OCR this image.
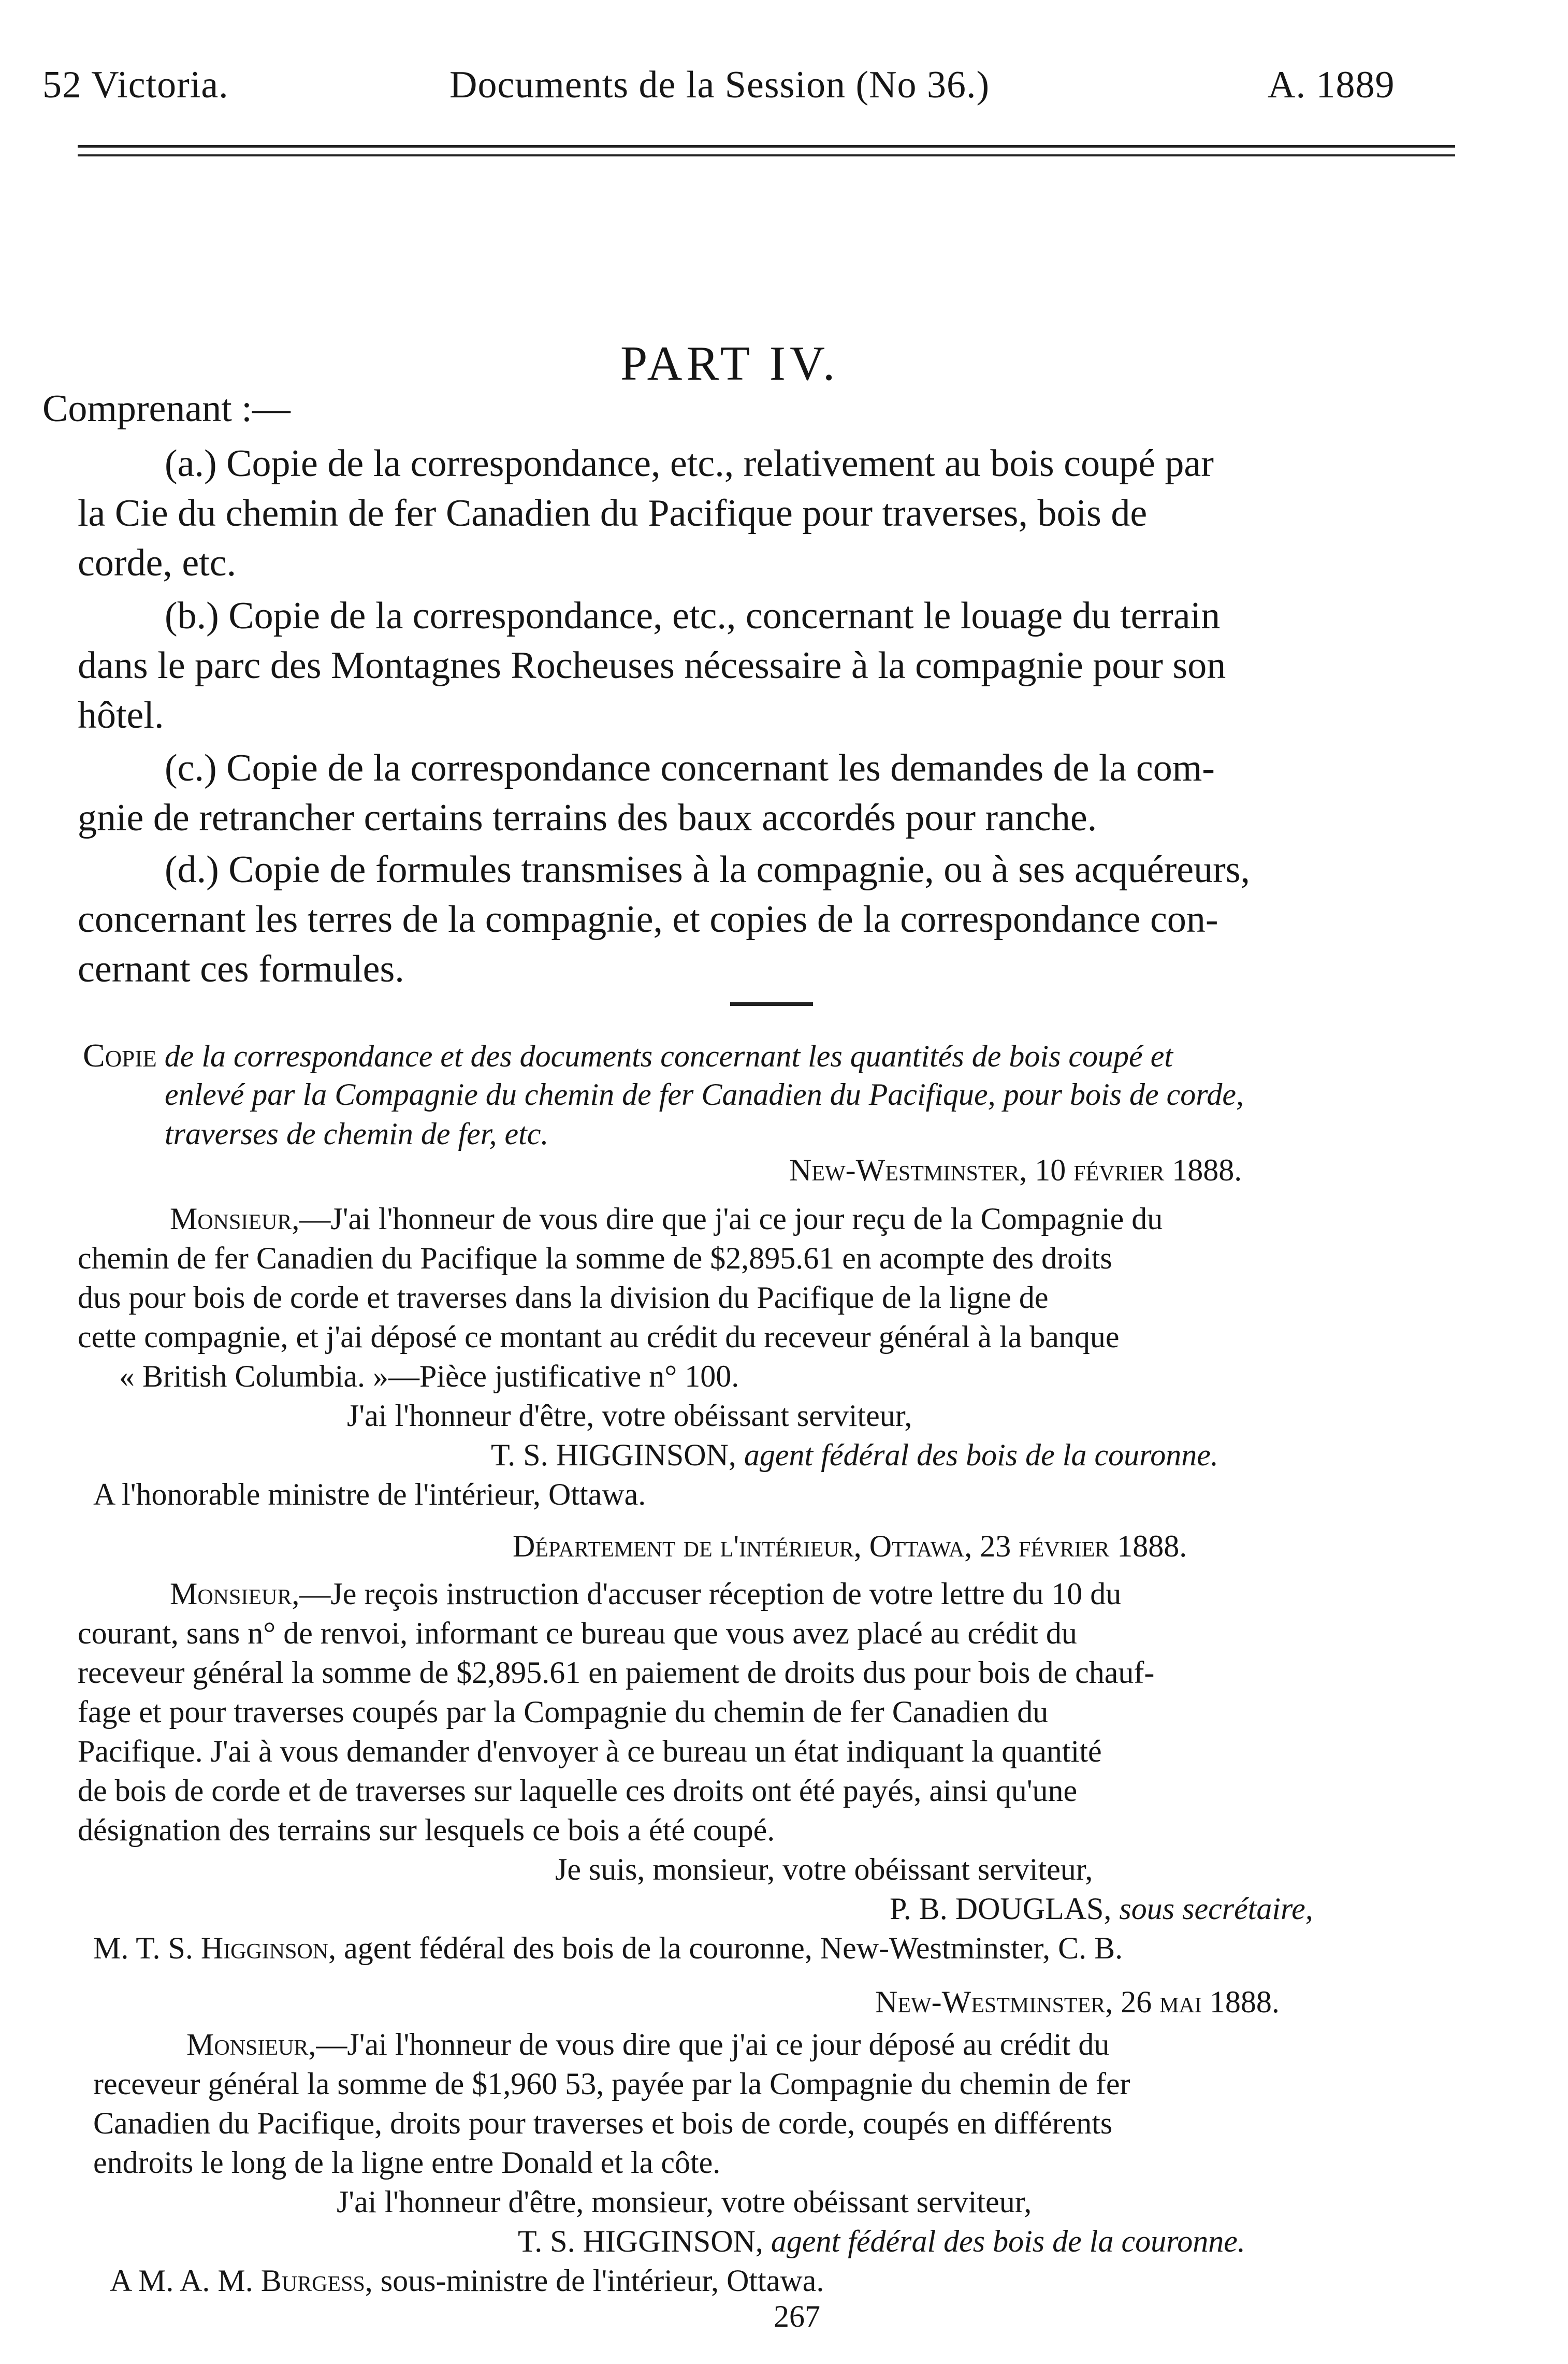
52 Victoria.	Documents de la Session (No 36.)	A. 1889
PART IV.
Comprenant :—
(a.) Copie de la correspondance, etc., relativement au bois coupé par
la Cie du chemin de fer Canadien du Pacifique pour traverses, bois de
corde, etc.
(b.) Copie de la correspondance, etc., concernant le louage du terrain
dans le parc des Montagnes Rocheuses nécessaire à la compagnie pour son
hôtel.
(c.) Copie de la correspondance concernant les demandes de la com-
gnie de retrancher certains terrains des baux accordés pour ranche.
(d.) Copie de formules transmises à la compagnie, ou à ses acquéreurs,
concernant les terres de la compagnie, et copies de la correspondance con-
cernant ces formules.
Copie de la correspondance et des documents concernant les quantités de bois coupé et
enlevé par la Compagnie du chemin de fer Canadien du Pacifique, pour bois de corde,
traverses de chemin de fer, etc.
New-Westminster, 10 février 1888.
Monsieur,—J'ai l'honneur de vous dire que j'ai ce jour reçu de la Compagnie du
chemin de fer Canadien du Pacifique la somme de $2,895.61 en acompte des droits
dus pour bois de corde et traverses dans la division du Pacifique de la ligne de
cette compagnie, et j'ai déposé ce montant au crédit du receveur général à la banque
« British Columbia. »—Pièce justificative n° 100.
J'ai l'honneur d'être, votre obéissant serviteur,
T. S. HIGGINSON, agent fédéral des bois de la couronne.
A l'honorable ministre de l'intérieur, Ottawa.
Département de l'intérieur, Ottawa, 23 février 1888.
Monsieur,—Je reçois instruction d'accuser réception de votre lettre du 10 du
courant, sans n° de renvoi, informant ce bureau que vous avez placé au crédit du
receveur général la somme de $2,895.61 en paiement de droits dus pour bois de chauf-
fage et pour traverses coupés par la Compagnie du chemin de fer Canadien du
Pacifique. J'ai à vous demander d'envoyer à ce bureau un état indiquant la quantité
de bois de corde et de traverses sur laquelle ces droits ont été payés, ainsi qu'une
désignation des terrains sur lesquels ce bois a été coupé.
Je suis, monsieur, votre obéissant serviteur,
P. B. DOUGLAS, sous secrétaire,
M. T. S. Higginson, agent fédéral des bois de la couronne, New-Westminster, C. B.
New-Westminster, 26 mai 1888.
Monsieur,—J'ai l'honneur de vous dire que j'ai ce jour déposé au crédit du
receveur général la somme de $1,960 53, payée par la Compagnie du chemin de fer
Canadien du Pacifique, droits pour traverses et bois de corde, coupés en différents
endroits le long de la ligne entre Donald et la côte.
J'ai l'honneur d'être, monsieur, votre obéissant serviteur,
T. S. HIGGINSON, agent fédéral des bois de la couronne.
A M. A. M. Burgess, sous-ministre de l'intérieur, Ottawa.
267
